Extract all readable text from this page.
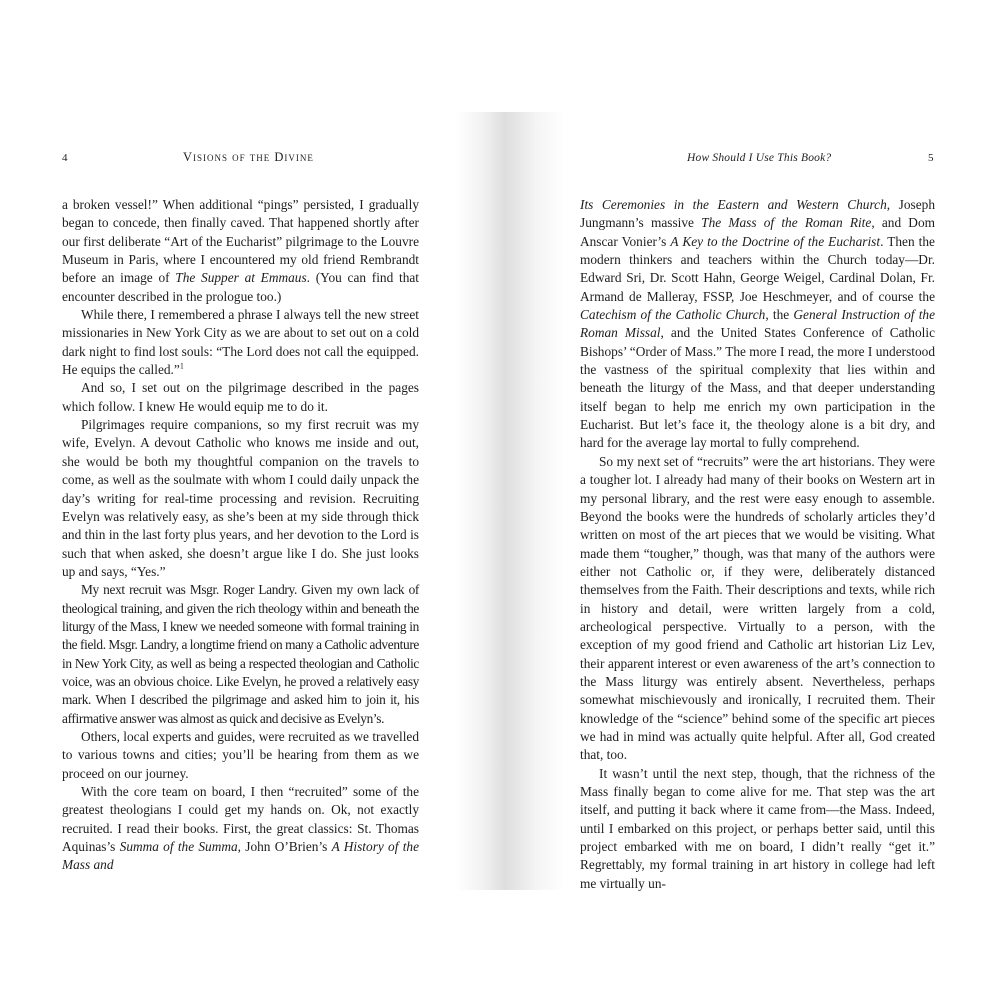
4	Visions of the Divine	How Should I Use This Book?	5

a broken vessel!” When additional “pings” persisted, I gradually began to concede, then finally caved. That happened shortly after our first deliberate “Art of the Eucharist” pilgrimage to the Louvre Museum in Paris, where I encountered my old friend Rembrandt before an image of The Supper at Emmaus. (You can find that encounter described in the prologue too.)

While there, I remembered a phrase I always tell the new street missionaries in New York City as we are about to set out on a cold dark night to find lost souls: “The Lord does not call the equipped. He equips the called.”$^1$

And so, I set out on the pilgrimage described in the pages which follow. I knew He would equip me to do it.

Pilgrimages require companions, so my first recruit was my wife, Evelyn. A devout Catholic who knows me inside and out, she would be both my thoughtful companion on the travels to come, as well as the soulmate with whom I could daily unpack the day’s writing for real-time processing and revision. Recruiting Evelyn was relatively easy, as she’s been at my side through thick and thin in the last forty plus years, and her devotion to the Lord is such that when asked, she doesn’t argue like I do. She just looks up and says, “Yes.”

My next recruit was Msgr. Roger Landry. Given my own lack of theological training, and given the rich theology within and beneath the liturgy of the Mass, I knew we needed someone with formal training in the field. Msgr. Landry, a longtime friend on many a Catholic adventure in New York City, as well as being a respected theologian and Catholic voice, was an obvious choice. Like Evelyn, he proved a relatively easy mark. When I described the pilgrimage and asked him to join it, his affirmative answer was almost as quick and decisive as Evelyn’s.

Others, local experts and guides, were recruited as we travelled to various towns and cities; you’ll be hearing from them as we proceed on our journey.

With the core team on board, I then “recruited” some of the greatest theologians I could get my hands on. Ok, not exactly recruited. I read their books. First, the great classics: St. Thomas Aquinas’s Summa of the Summa, John O’Brien’s A History of the Mass and

Its Ceremonies in the Eastern and Western Church, Joseph Jungmann’s massive The Mass of the Roman Rite, and Dom Anscar Vonier’s A Key to the Doctrine of the Eucharist. Then the modern thinkers and teachers within the Church today—Dr. Edward Sri, Dr. Scott Hahn, George Weigel, Cardinal Dolan, Fr. Armand de Malleray, FSSP, Joe Heschmeyer, and of course the Catechism of the Catholic Church, the General Instruction of the Roman Missal, and the United States Conference of Catholic Bishops’ “Order of Mass.” The more I read, the more I understood the vastness of the spiritual complexity that lies within and beneath the liturgy of the Mass, and that deeper understanding itself began to help me enrich my own participation in the Eucharist. But let’s face it, the theology alone is a bit dry, and hard for the average lay mortal to fully comprehend.

So my next set of “recruits” were the art historians. They were a tougher lot. I already had many of their books on Western art in my personal library, and the rest were easy enough to assemble. Beyond the books were the hundreds of scholarly articles they’d written on most of the art pieces that we would be visiting. What made them “tougher,” though, was that many of the authors were either not Catholic or, if they were, deliberately distanced themselves from the Faith. Their descriptions and texts, while rich in history and detail, were written largely from a cold, archeological perspective. Virtually to a person, with the exception of my good friend and Catholic art historian Liz Lev, their apparent interest or even awareness of the art’s connection to the Mass liturgy was entirely absent. Nevertheless, perhaps somewhat mischievously and ironically, I recruited them. Their knowledge of the “science” behind some of the specific art pieces we had in mind was actually quite helpful. After all, God created that, too.

It wasn’t until the next step, though, that the richness of the Mass finally began to come alive for me. That step was the art itself, and putting it back where it came from—the Mass. Indeed, until I embarked on this project, or perhaps better said, until this project embarked with me on board, I didn’t really “get it.” Regrettably, my formal training in art history in college had left me virtually un-
